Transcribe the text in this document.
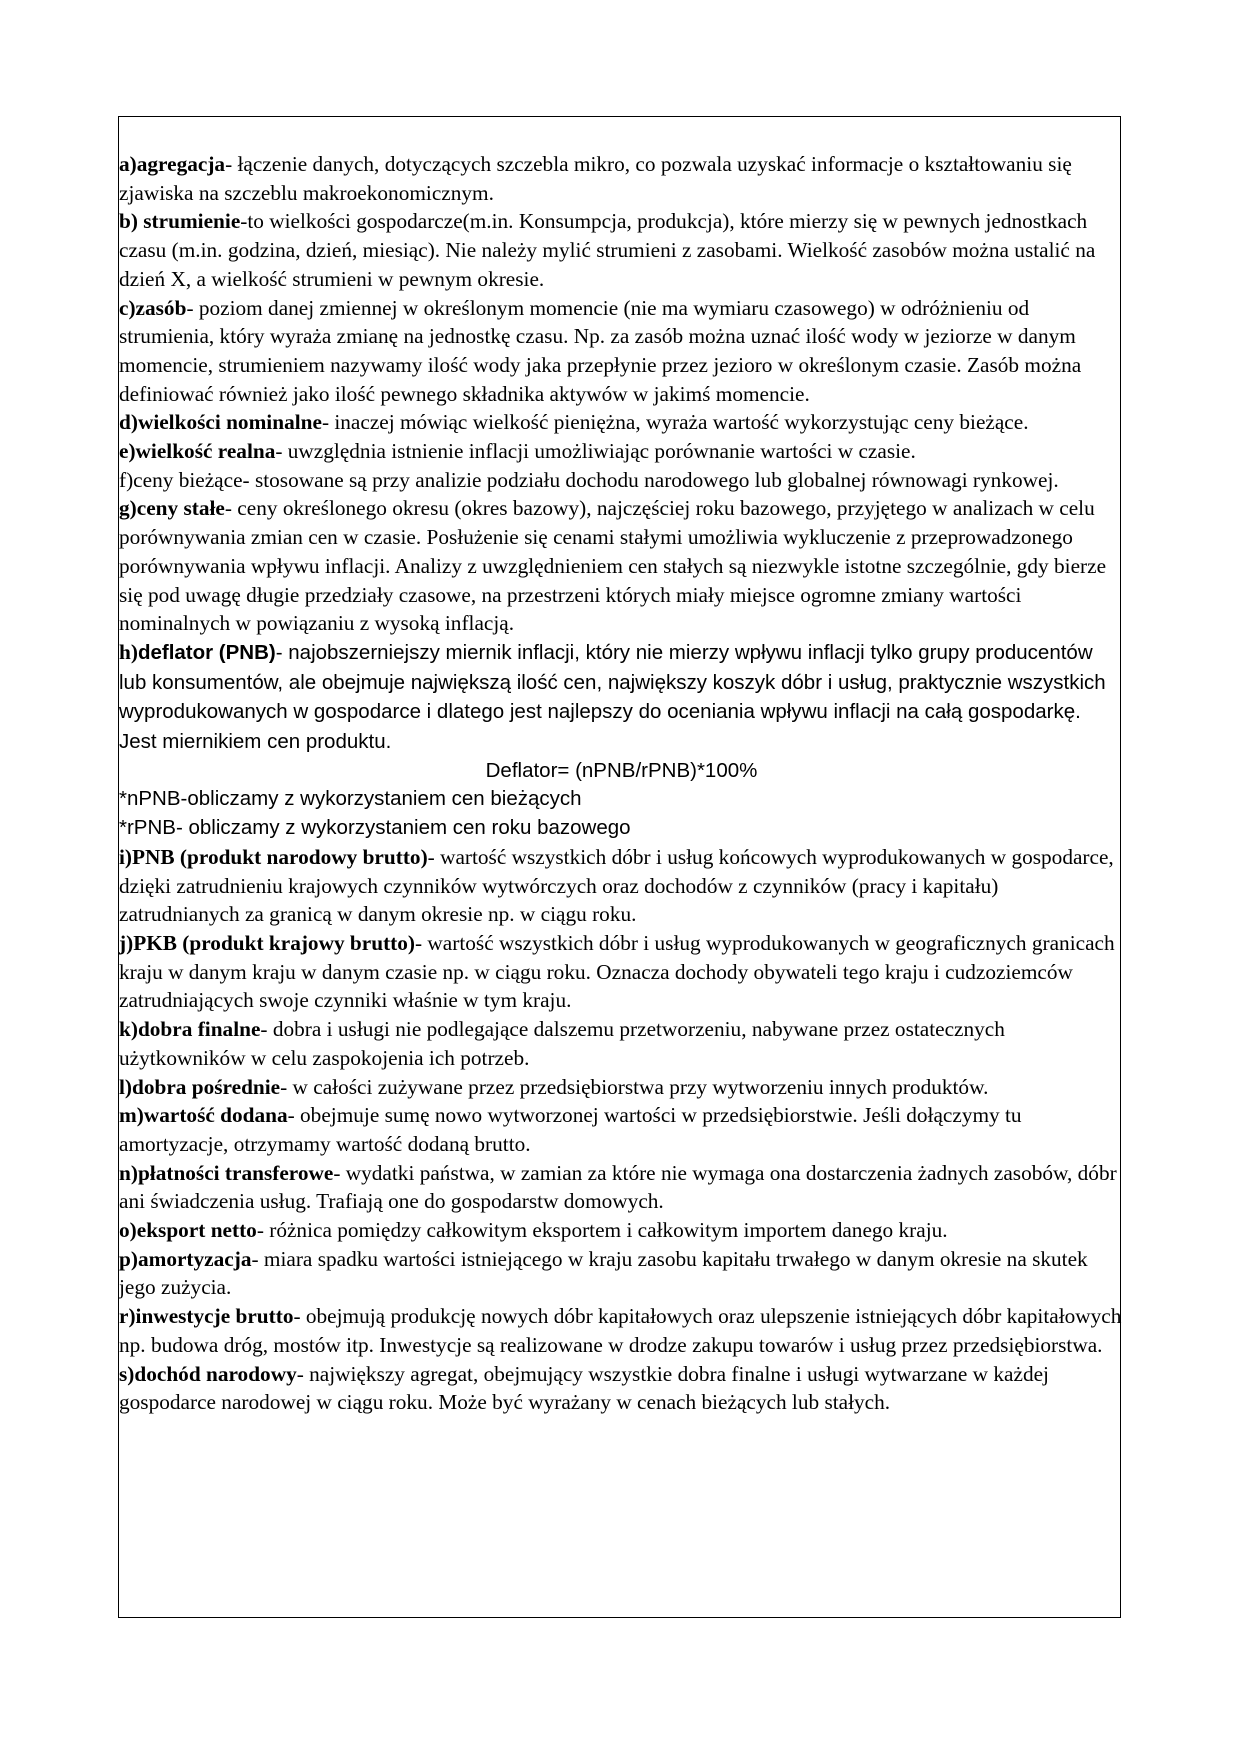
a)agregacja- łączenie danych, dotyczących szczebla mikro, co pozwala uzyskać informacje o kształtowaniu się zjawiska na szczeblu makroekonomicznym.

b) strumienie-to wielkości gospodarcze(m.in. Konsumpcja, produkcja), które mierzy się w pewnych jednostkach czasu (m.in. godzina, dzień, miesiąc). Nie należy mylić strumieni z zasobami. Wielkość zasobów można ustalić na dzień X, a wielkość strumieni w pewnym okresie.

c)zasób- poziom danej zmiennej w określonym momencie (nie ma wymiaru czasowego) w odróżnieniu od strumienia, który wyraża zmianę na jednostkę czasu. Np. za zasób można uznać ilość wody w jeziorze w danym momencie, strumieniem nazywamy ilość wody jaka przepłynie przez jezioro w określonym czasie. Zasób można definiować również jako ilość pewnego składnika aktywów w jakimś momencie.

d)wielkości nominalne- inaczej mówiąc wielkość pieniężna, wyraża wartość wykorzystując ceny bieżące.

e)wielkość realna- uwzględnia istnienie inflacji umożliwiając porównanie wartości w czasie.

f)ceny bieżące- stosowane są przy analizie podziału dochodu narodowego lub globalnej równowagi rynkowej.

g)ceny stałe- ceny określonego okresu (okres bazowy), najczęściej roku bazowego, przyjętego w analizach w celu porównywania zmian cen w czasie. Posłużenie się cenami stałymi umożliwia wykluczenie z przeprowadzonego porównywania wpływu inflacji. Analizy z uwzględnieniem cen stałych są niezwykle istotne szczególnie, gdy bierze się pod uwagę długie przedziały czasowe, na przestrzeni których miały miejsce ogromne zmiany wartości nominalnych w powiązaniu z wysoką inflacją.

h)deflator (PNB)- najobszerniejszy miernik inflacji, który nie mierzy wpływu inflacji tylko grupy producentów lub konsumentów, ale obejmuje największą ilość cen, największy koszyk dóbr i usług, praktycznie wszystkich wyprodukowanych w gospodarce i dlatego jest najlepszy do oceniania wpływu inflacji na całą gospodarkę. Jest miernikiem cen produktu.

Deflator= (nPNB/rPNB)*100%

*nPNB-obliczamy z wykorzystaniem cen bieżących

*rPNB- obliczamy z wykorzystaniem cen roku bazowego

i)PNB (produkt narodowy brutto)- wartość wszystkich dóbr i usług końcowych wyprodukowanych w gospodarce, dzięki zatrudnieniu krajowych czynników wytwórczych oraz dochodów z czynników (pracy i kapitału) zatrudnianych za granicą w danym okresie np. w ciągu roku.

j)PKB (produkt krajowy brutto)- wartość wszystkich dóbr i usług wyprodukowanych w geograficznych granicach kraju w danym kraju w danym czasie np. w ciągu roku. Oznacza dochody obywateli tego kraju i cudzoziemców zatrudniających swoje czynniki właśnie w tym kraju.

k)dobra finalne- dobra i usługi nie podlegające dalszemu przetworzeniu, nabywane przez ostatecznych użytkowników w celu zaspokojenia ich potrzeb.

l)dobra pośrednie- w całości zużywane przez przedsiębiorstwa przy wytworzeniu innych produktów.

m)wartość dodana- obejmuje sumę nowo wytworzonej wartości w przedsiębiorstwie. Jeśli dołączymy tu amortyzacje, otrzymamy wartość dodaną brutto.

n)płatności transferowe- wydatki państwa, w zamian za które nie wymaga ona dostarczenia żadnych zasobów, dóbr ani świadczenia usług. Trafiają one do gospodarstw domowych.

o)eksport netto- różnica pomiędzy całkowitym eksportem i całkowitym importem danego kraju.

p)amortyzacja- miara spadku wartości istniejącego w kraju zasobu kapitału trwałego w danym okresie na skutek jego zużycia.

r)inwestycje brutto- obejmują produkcję nowych dóbr kapitałowych oraz ulepszenie istniejących dóbr kapitałowych np. budowa dróg, mostów itp. Inwestycje są realizowane w drodze zakupu towarów i usług przez przedsiębiorstwa.

s)dochód narodowy- największy agregat, obejmujący wszystkie dobra finalne i usługi wytwarzane w każdej gospodarce narodowej w ciągu roku. Może być wyrażany w cenach bieżących lub stałych.
